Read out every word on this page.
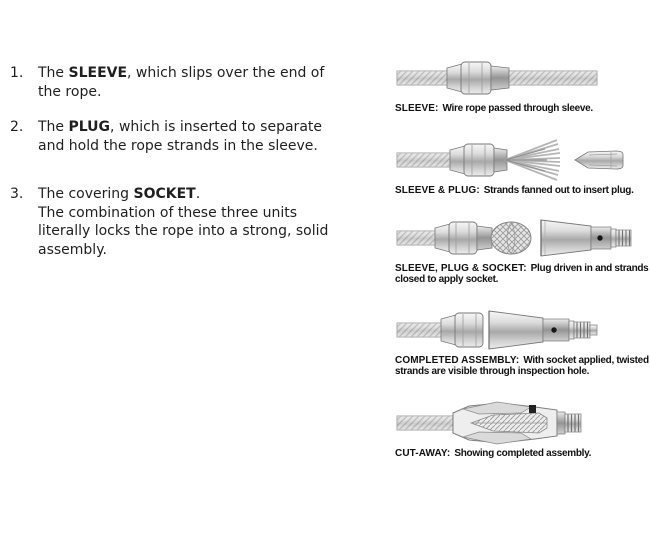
1.	The SLEEVE, which slips over the end of the rope.
2.	The PLUG, which is inserted to separate and hold the rope strands in the sleeve.
3.	The covering SOCKET.
The combination of these three units literally locks the rope into a strong, solid assembly.

SLEEVE: Wire rope passed through sleeve.

SLEEVE & PLUG: Strands fanned out to insert plug.

SLEEVE, PLUG & SOCKET: Plug driven in and strands closed to apply socket.

COMPLETED ASSEMBLY: With socket applied, twisted strands are visible through inspection hole.

CUT-AWAY: Showing completed assembly.
